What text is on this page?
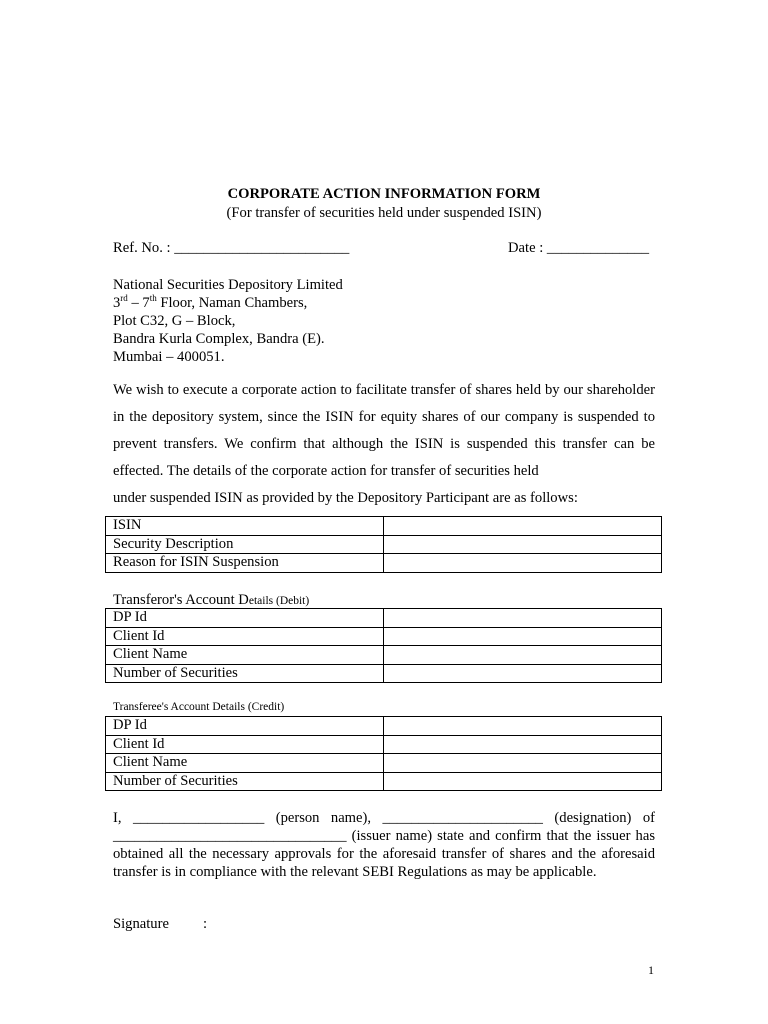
CORPORATE ACTION INFORMATION FORM
(For transfer of securities held under suspended ISIN)
Ref. No. : ________________________	Date : ______________
National Securities Depository Limited
3rd – 7th Floor, Naman Chambers,
Plot C32, G – Block,
Bandra Kurla Complex, Bandra (E).
Mumbai – 400051.
We wish to execute a corporate action to facilitate transfer of shares held by our shareholder in the depository system, since the ISIN for equity shares of our company is suspended to prevent transfers. We confirm that although the ISIN is suspended this transfer can be effected. The details of the corporate action for transfer of securities held
under suspended ISIN as provided by the Depository Participant are as follows:
ISIN	
Security Description	
Reason for ISIN Suspension	
Transferor's Account Details (Debit)
DP Id	
Client Id	
Client Name	
Number of Securities	
Transferee's Account Details (Credit)
DP Id	
Client Id	
Client Name	
Number of Securities	
I, __________________ (person name), ______________________ (designation) of ________________________________ (issuer name) state and confirm that the issuer has obtained all the necessary approvals for the aforesaid transfer of shares and the aforesaid transfer is in compliance with the relevant SEBI Regulations as may be applicable.
Signature :
1
